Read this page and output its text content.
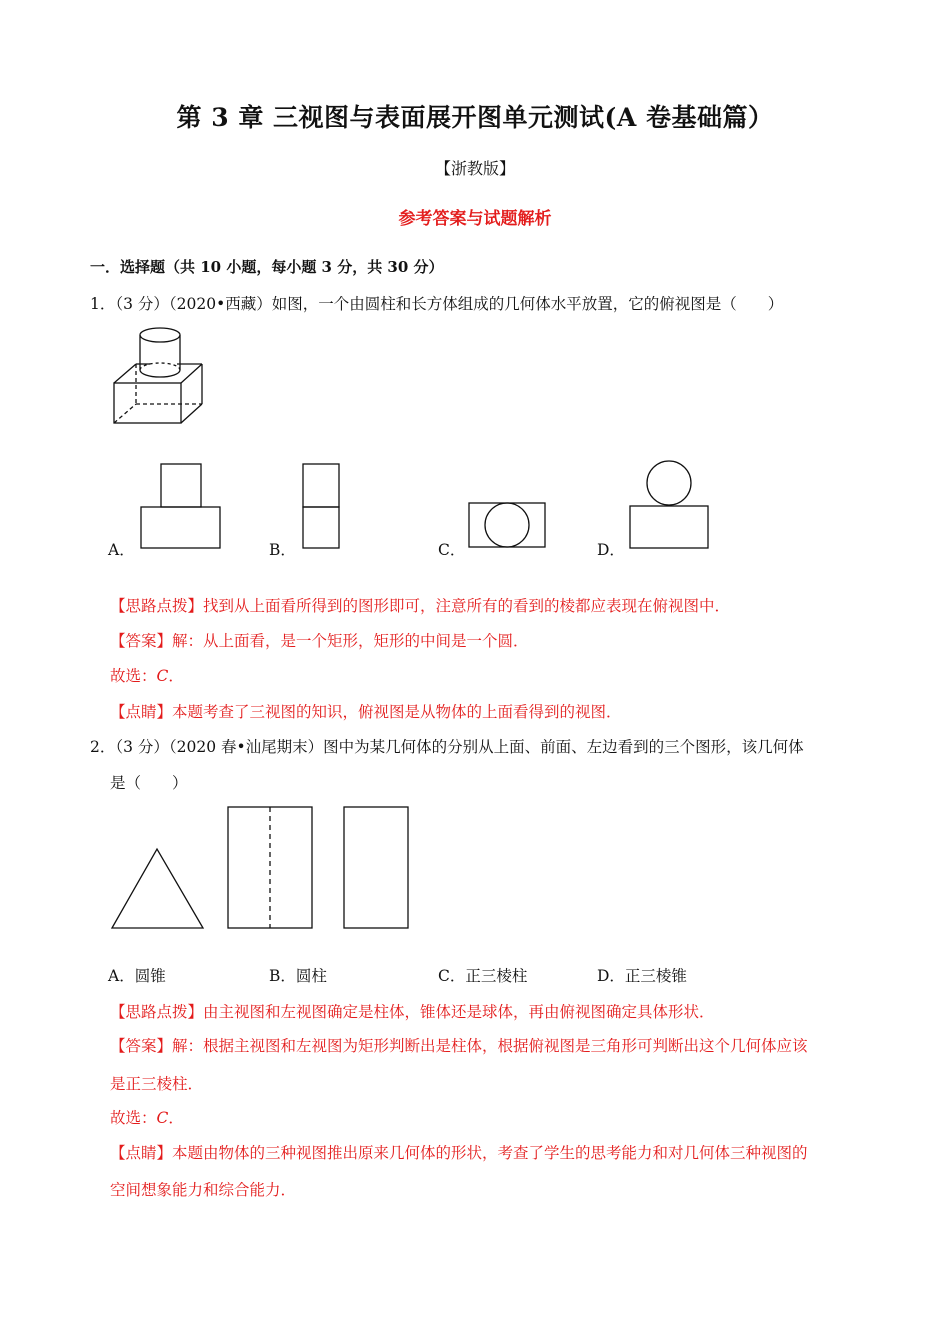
第 3 章 三视图与表面展开图单元测试(A 卷基础篇）
【浙教版】
参考答案与试题解析
一．选择题（共 10 小题，每小题 3 分，共 30 分）
1．（3 分）（2020•西藏）如图，一个由圆柱和长方体组成的几何体水平放置，它的俯视图是（　　）
A．	B．	C．	D．
【思路点拨】找到从上面看所得到的图形即可，注意所有的看到的棱都应表现在俯视图中．
【答案】解：从上面看，是一个矩形，矩形的中间是一个圆．
故选：C．
【点睛】本题考查了三视图的知识，俯视图是从物体的上面看得到的视图．
2．（3 分）（2020 春•汕尾期末）图中为某几何体的分别从上面、前面、左边看到的三个图形，该几何体
是（　　）
A．圆锥	B．圆柱	C．正三棱柱	D．正三棱锥
【思路点拨】由主视图和左视图确定是柱体，锥体还是球体，再由俯视图确定具体形状．
【答案】解：根据主视图和左视图为矩形判断出是柱体，根据俯视图是三角形可判断出这个几何体应该
是正三棱柱．
故选：C．
【点睛】本题由物体的三种视图推出原来几何体的形状，考查了学生的思考能力和对几何体三种视图的
空间想象能力和综合能力．
